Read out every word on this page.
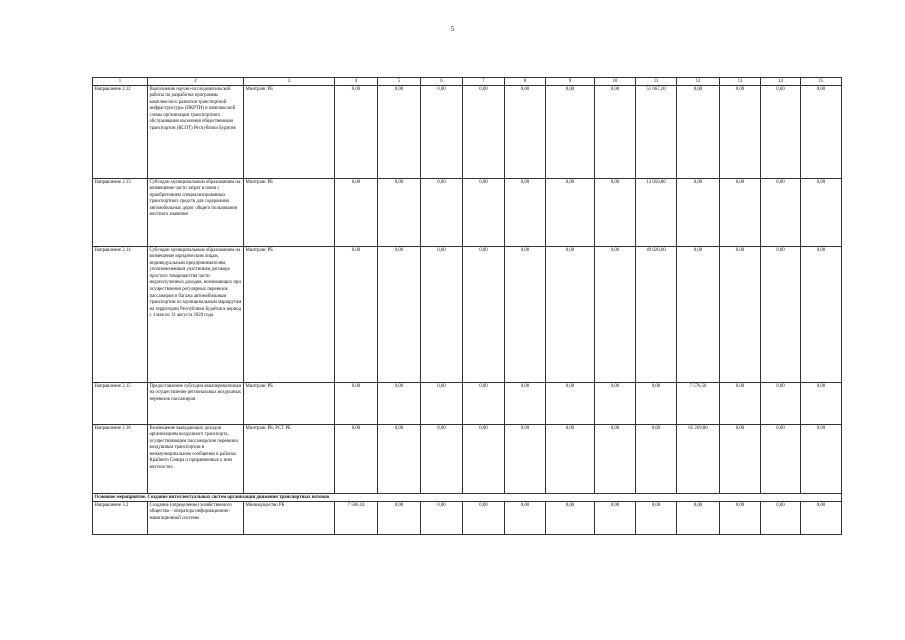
5
1	2	3	4	5	6	7	8	9	10	11	12	13	14	15
Направление 2.12	Выполнение научно-исследовательской работы по разработке программы комплексного развития транспортной инфраструктуры (ПКРТИ) и комплексной схемы организации транспортного обслуживания населения общественным транспортом (КСОТ) Республики Бурятия	Минтранс РБ	0,00	0,00	0,00	0,00	0,00	0,00	0,00	51 667,20	0,00	0,00	0,00	0,00
Направление 2.13	Субсидии муниципальным образованиям на возмещение части затрат в связи с приобретением специализированных транспортных средств для содержания автомобильных дорог общего пользования местного значения	Минтранс РБ	0,00	0,00	0,00	0,00	0,00	0,00	0,00	13 050,00	0,00	0,00	0,00	0,00
Направление 2.14	Субсидии муниципальным образованиям на возмещение юридическим лицам, индивидуальным предпринимателям, уполномоченным участникам договора простого товарищества части недополученных доходов, возникающих при осуществлении регулярных перевозок пассажиров и багажа автомобильным транспортом по муниципальным маршрутам на территории Республики Бурятия в период с 1 мая по 31 августа 2020 года	Минтранс РБ	0,00	0,00	0,00	0,00	0,00	0,00	0,00	49 020,00	0,00	0,00	0,00	0,00
Направление 2.15	Предоставление субсидии авиаперевозчикам на осуществление региональных воздушных перевозок пассажиров	Минтранс РБ	0,00	0,00	0,00	0,00	0,00	0,00	0,00	0,00	7 576,50	0,00	0,00	0,00
Направление 2.16	Возмещение выпадающих доходов организациям воздушного транспорта, осуществляющим пассажирские перевозки воздушным транспортом в межмуниципальном сообщении в районах Крайнего Севера и приравненных к ним местностях	Минтранс РБ, РСТ РБ	0,00	0,00	0,00	0,00	0,00	0,00	0,00	0,00	65 269,80	0,00	0,00	0,00
Основное мероприятие. Создание интеллектуальных систем организации движения транспортных потоков														
Направление 3.2	Создание (определение) хозяйственного общества – оператора информационно-навигационной системы	Минимущество РБ	7 566,10	0,00	0,00	0,00	0,00	0,00	0,00	0,00	0,00	0,00	0,00	0,00
